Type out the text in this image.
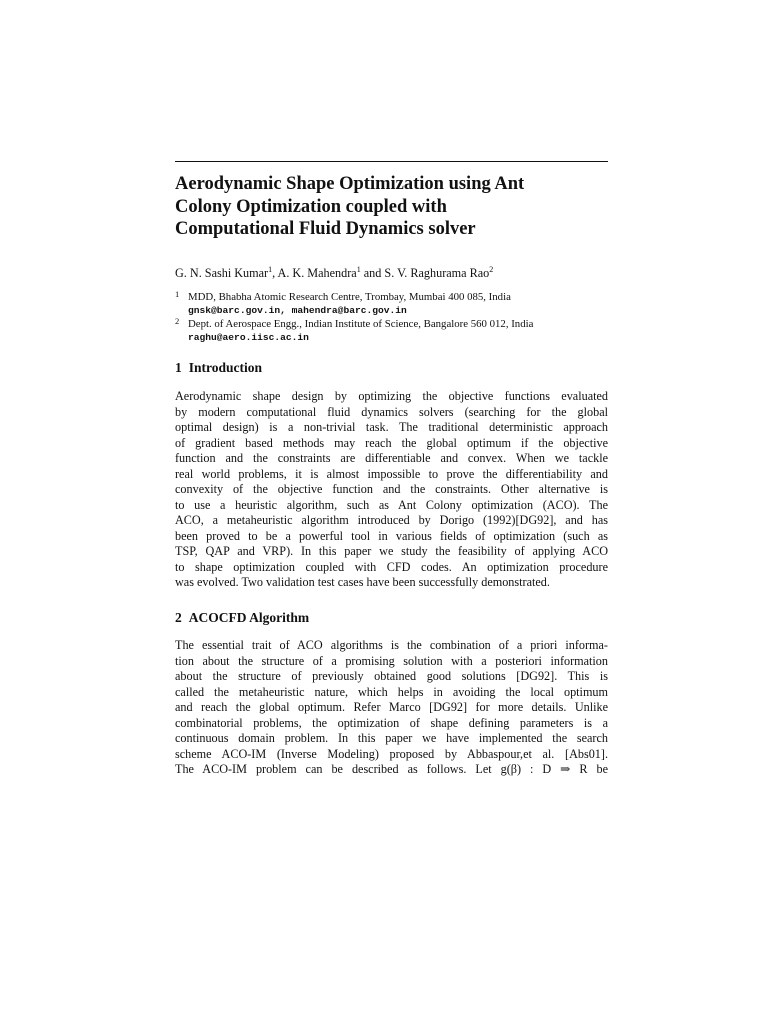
Aerodynamic Shape Optimization using Ant
Colony Optimization coupled with
Computational Fluid Dynamics solver
G. N. Sashi Kumar$^1$, A. K. Mahendra$^1$ and S. V. Raghurama Rao$^2$
1 MDD, Bhabha Atomic Research Centre, Trombay, Mumbai 400 085, India
gnsk@barc.gov.in, mahendra@barc.gov.in
2 Dept. of Aerospace Engg., Indian Institute of Science, Bangalore 560 012, India
raghu@aero.iisc.ac.in
1 Introduction

Aerodynamic shape design by optimizing the objective functions evaluated
by modern computational fluid dynamics solvers (searching for the global
optimal design) is a non-trivial task. The traditional deterministic approach
of gradient based methods may reach the global optimum if the objective
function and the constraints are differentiable and convex. When we tackle
real world problems, it is almost impossible to prove the differentiability and
convexity of the objective function and the constraints. Other alternative is
to use a heuristic algorithm, such as Ant Colony optimization (ACO). The
ACO, a metaheuristic algorithm introduced by Dorigo (1992)[DG92], and has
been proved to be a powerful tool in various fields of optimization (such as
TSP, QAP and VRP). In this paper we study the feasibility of applying ACO
to shape optimization coupled with CFD codes. An optimization procedure
was evolved. Two validation test cases have been successfully demonstrated.

2 ACOCFD Algorithm

The essential trait of ACO algorithms is the combination of a priori informa-
tion about the structure of a promising solution with a posteriori information
about the structure of previously obtained good solutions [DG92]. This is
called the metaheuristic nature, which helps in avoiding the local optimum
and reach the global optimum. Refer Marco [DG92] for more details. Unlike
combinatorial problems, the optimization of shape defining parameters is a
continuous domain problem. In this paper we have implemented the search
scheme ACO-IM (Inverse Modeling) proposed by Abbaspour,et al. [Abs01].
The ACO-IM problem can be described as follows. Let g(β) : D ⇒ R be
